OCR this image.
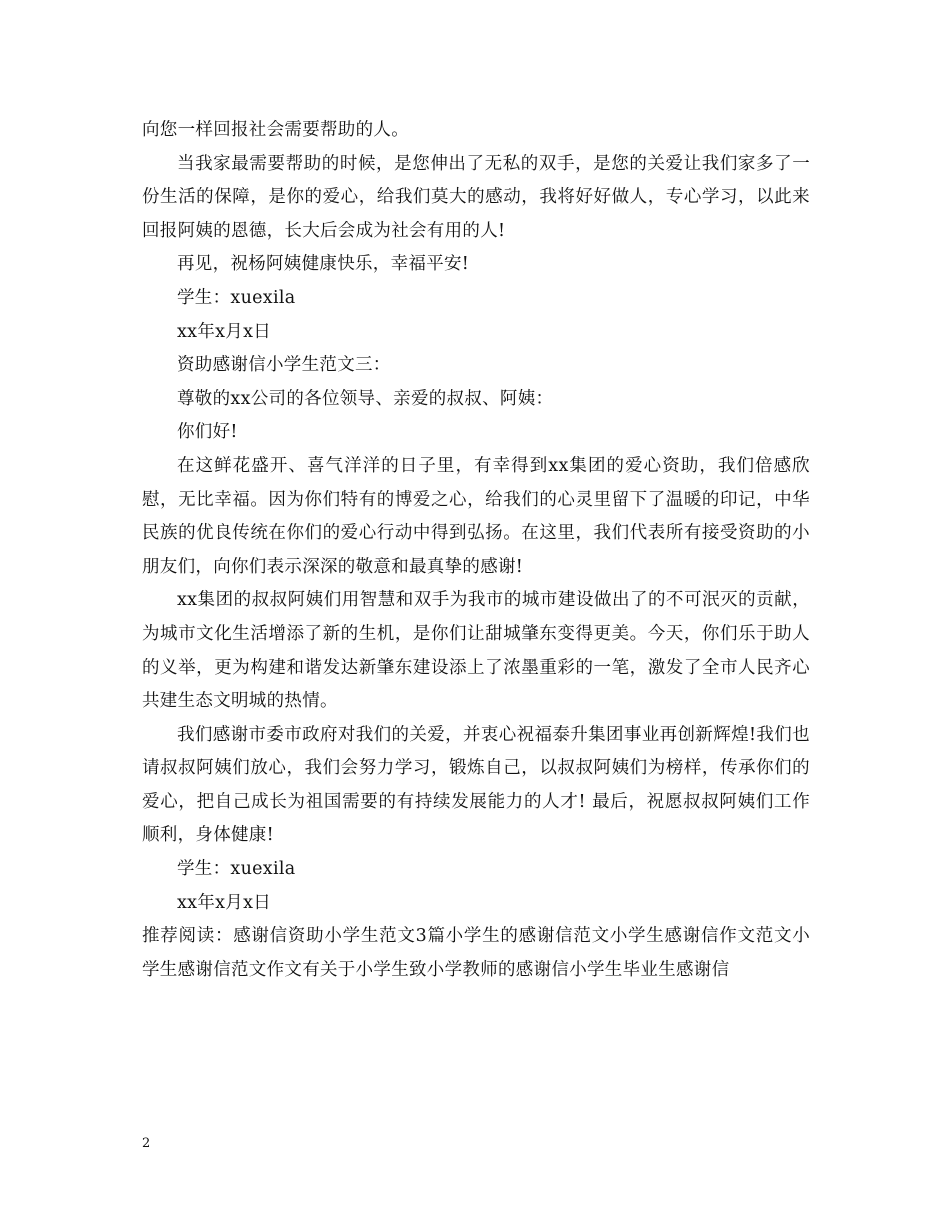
向您一样回报社会需要帮助的人。

当我家最需要帮助的时候，是您伸出了无私的双手，是您的关爱让我们家多了一份生活的保障，是你的爱心，给我们莫大的感动，我将好好做人，专心学习，以此来回报阿姨的恩德，长大后会成为社会有用的人!

再见，祝杨阿姨健康快乐，幸福平安!

学生：xuexila

xx年x月x日

资助感谢信小学生范文三：

尊敬的xx公司的各位领导、亲爱的叔叔、阿姨：

你们好!

在这鲜花盛开、喜气洋洋的日子里，有幸得到xx集团的爱心资助，我们倍感欣慰，无比幸福。因为你们特有的博爱之心，给我们的心灵里留下了温暖的印记，中华民族的优良传统在你们的爱心行动中得到弘扬。在这里，我们代表所有接受资助的小朋友们，向你们表示深深的敬意和最真挚的感谢!

xx集团的叔叔阿姨们用智慧和双手为我市的城市建设做出了的不可泯灭的贡献，为城市文化生活增添了新的生机，是你们让甜城肇东变得更美。今天，你们乐于助人的义举，更为构建和谐发达新肇东建设添上了浓墨重彩的一笔，激发了全市人民齐心共建生态文明城的热情。

我们感谢市委市政府对我们的关爱，并衷心祝福泰升集团事业再创新辉煌!我们也请叔叔阿姨们放心，我们会努力学习，锻炼自己，以叔叔阿姨们为榜样，传承你们的爱心，把自己成长为祖国需要的有持续发展能力的人才! 最后，祝愿叔叔阿姨们工作顺利，身体健康!

学生：xuexila

xx年x月x日

推荐阅读：感谢信资助小学生范文3篇小学生的感谢信范文小学生感谢信作文范文小学生感谢信范文作文有关于小学生致小学教师的感谢信小学生毕业生感谢信

2
